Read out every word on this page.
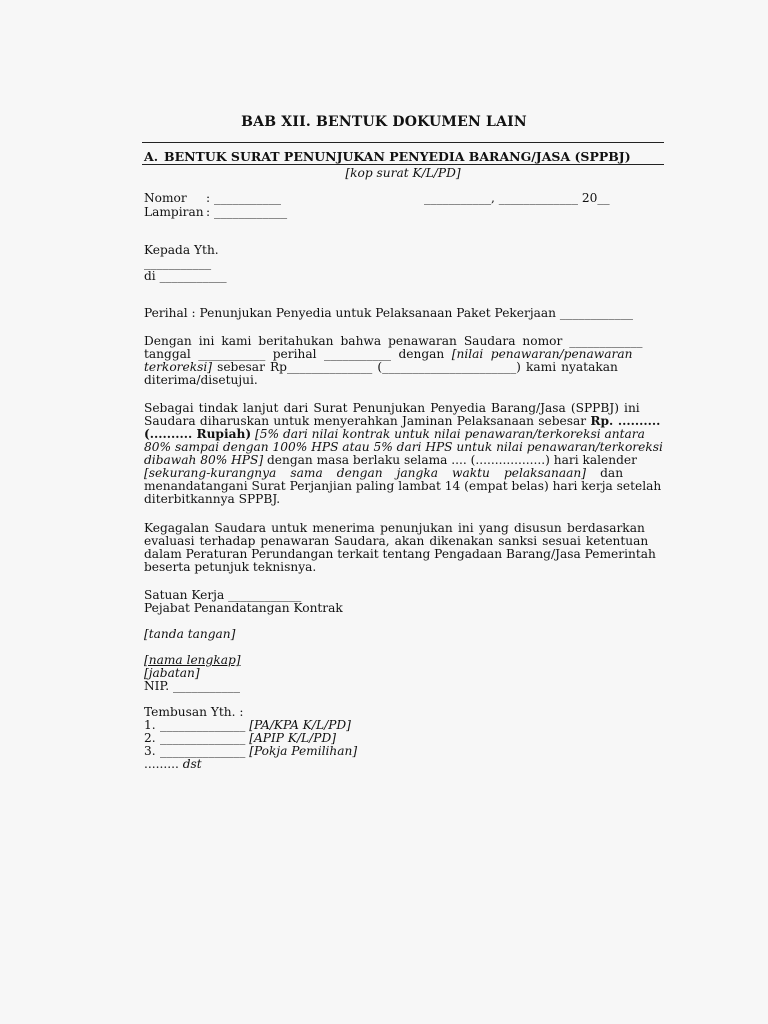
BAB XII. BENTUK DOKUMEN LAIN
A. BENTUK SURAT PENUNJUKAN PENYEDIA BARANG/JASA (SPPBJ)
[kop surat K/L/PD]
Nomor : ___________	___________, _____________ 20__
Lampiran : ____________
Kepada Yth.
___________
di ___________
Perihal : Penunjukan Penyedia untuk Pelaksanaan Paket Pekerjaan ____________
Dengan ini kami beritahukan bahwa penawaran Saudara nomor ____________
tanggal ___________ perihal ___________ dengan [nilai penawaran/penawaran
terkoreksi] sebesar Rp______________ (______________________) kami nyatakan
diterima/disetujui.
Sebagai tindak lanjut dari Surat Penunjukan Penyedia Barang/Jasa (SPPBJ) ini
Saudara diharuskan untuk menyerahkan Jaminan Pelaksanaan sebesar Rp. ..........
(.......... Rupiah) [5% dari nilai kontrak untuk nilai penawaran/terkoreksi antara
80% sampai dengan 100% HPS atau 5% dari HPS untuk nilai penawaran/terkoreksi
dibawah 80% HPS] dengan masa berlaku selama .... (..................) hari kalender
[sekurang-kurangnya sama dengan jangka waktu pelaksanaan] dan
menandatangani Surat Perjanjian paling lambat 14 (empat belas) hari kerja setelah
diterbitkannya SPPBJ.
Kegagalan Saudara untuk menerima penunjukan ini yang disusun berdasarkan
evaluasi terhadap penawaran Saudara, akan dikenakan sanksi sesuai ketentuan
dalam Peraturan Perundangan terkait tentang Pengadaan Barang/Jasa Pemerintah
beserta petunjuk teknisnya.
Satuan Kerja ____________
Pejabat Penandatangan Kontrak
[tanda tangan]
[nama lengkap]
[jabatan]
NIP. ___________
Tembusan Yth. :
1. ______________ [PA/KPA K/L/PD]
2. ______________ [APIP K/L/PD]
3. ______________ [Pokja Pemilihan]
......... dst
